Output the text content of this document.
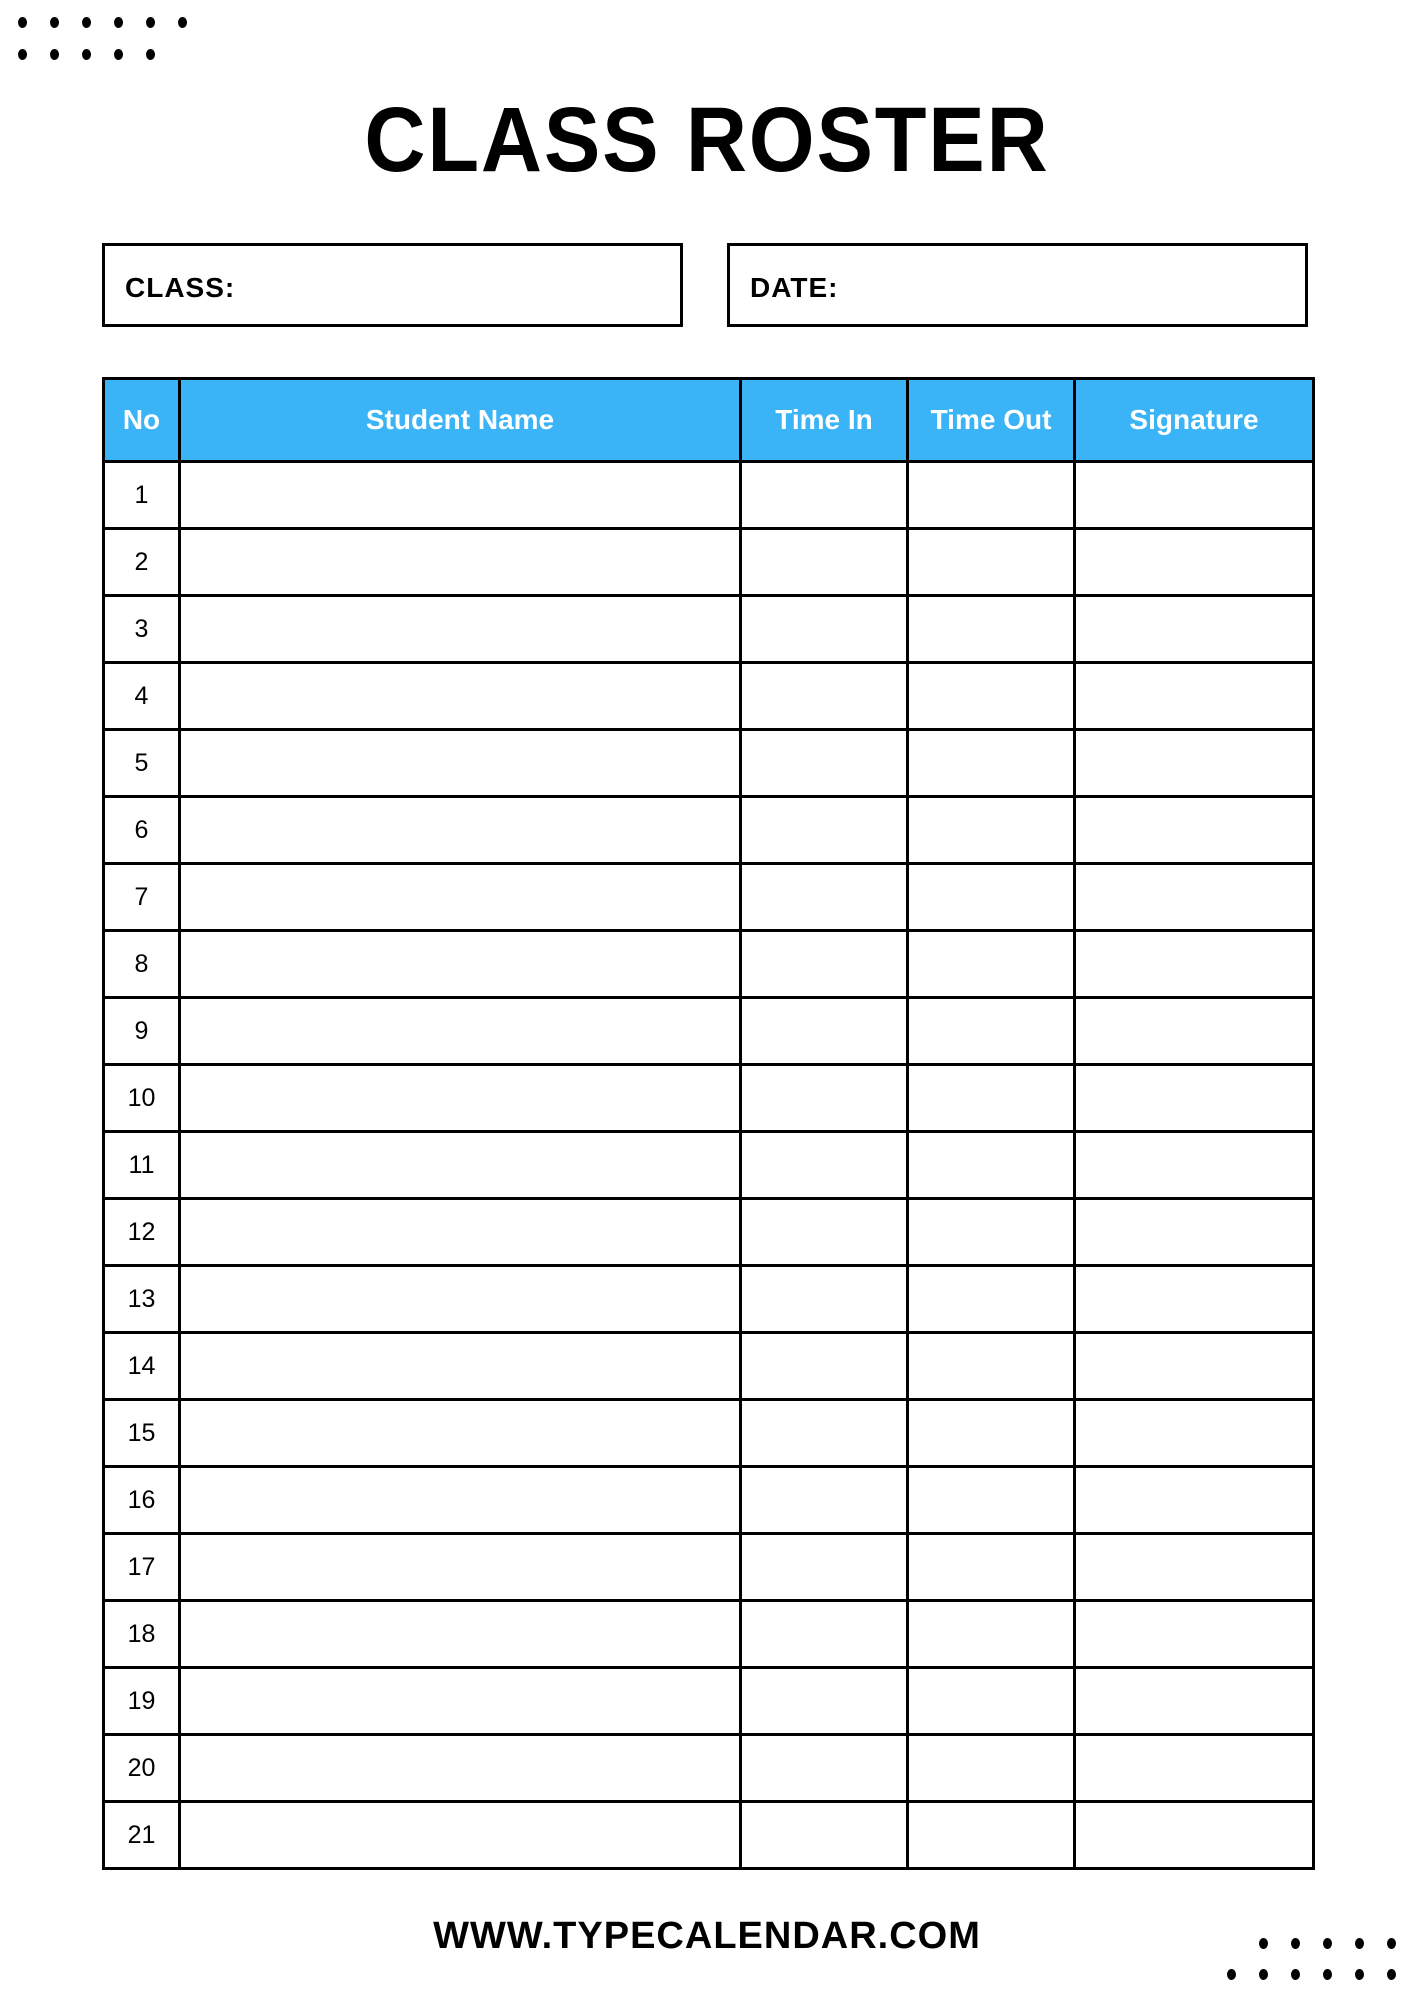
CLASS ROSTER
CLASS:	DATE:
No	Student Name	Time In	Time Out	Signature
1				
2				
3				
4				
5				
6				
7				
8				
9				
10				
11				
12				
13				
14				
15				
16				
17				
18				
19				
20				
21				
WWW.TYPECALENDAR.COM
